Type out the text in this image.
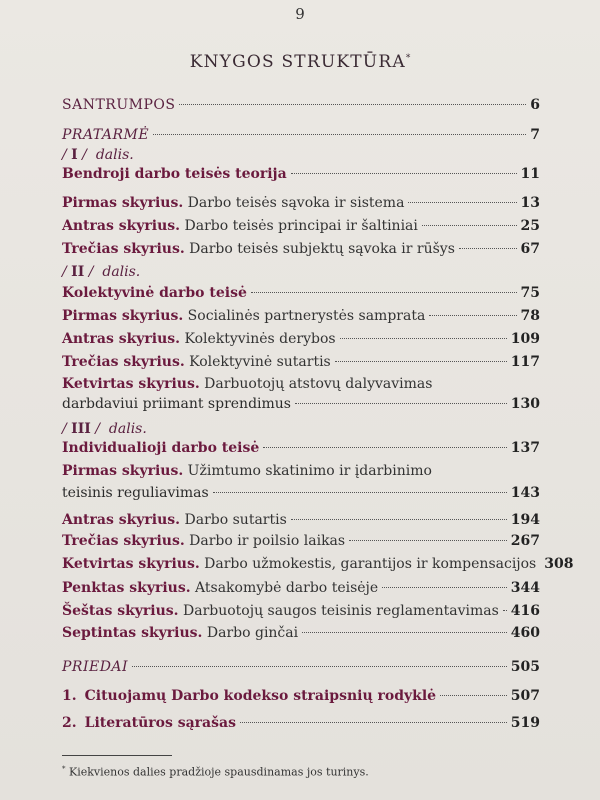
9
KNYGOS STRUKTŪRA*
SANTRUMPOS	6
PRATARMĖ	7
/ I /  dalis.
Bendroji darbo teisės teorija	11
Pirmas skyrius. Darbo teisės sąvoka ir sistema	13
Antras skyrius. Darbo teisės principai ir šaltiniai	25
Trečias skyrius. Darbo teisės subjektų sąvoka ir rūšys	67
/ II /  dalis.
Kolektyvinė darbo teisė	75
Pirmas skyrius. Socialinės partnerystės samprata	78
Antras skyrius. Kolektyvinės derybos	109
Trečias skyrius. Kolektyvinė sutartis	117
Ketvirtas skyrius. Darbuotojų atstovų dalyvavimas
darbdaviui priimant sprendimus	130
/ III /  dalis.
Individualioji darbo teisė	137
Pirmas skyrius. Užimtumo skatinimo ir įdarbinimo
teisinis reguliavimas	143
Antras skyrius. Darbo sutartis	194
Trečias skyrius. Darbo ir poilsio laikas	267
Ketvirtas skyrius. Darbo užmokestis, garantijos ir kompensacijos 308
Penktas skyrius. Atsakomybė darbo teisėje	344
Šeštas skyrius. Darbuotojų saugos teisinis reglamentavimas 416
Septintas skyrius. Darbo ginčai	460
PRIEDAI	505
1. Cituojamų Darbo kodekso straipsnių rodyklė	507
2. Literatūros sąrašas	519
* Kiekvienos dalies pradžioje spausdinamas jos turinys.
